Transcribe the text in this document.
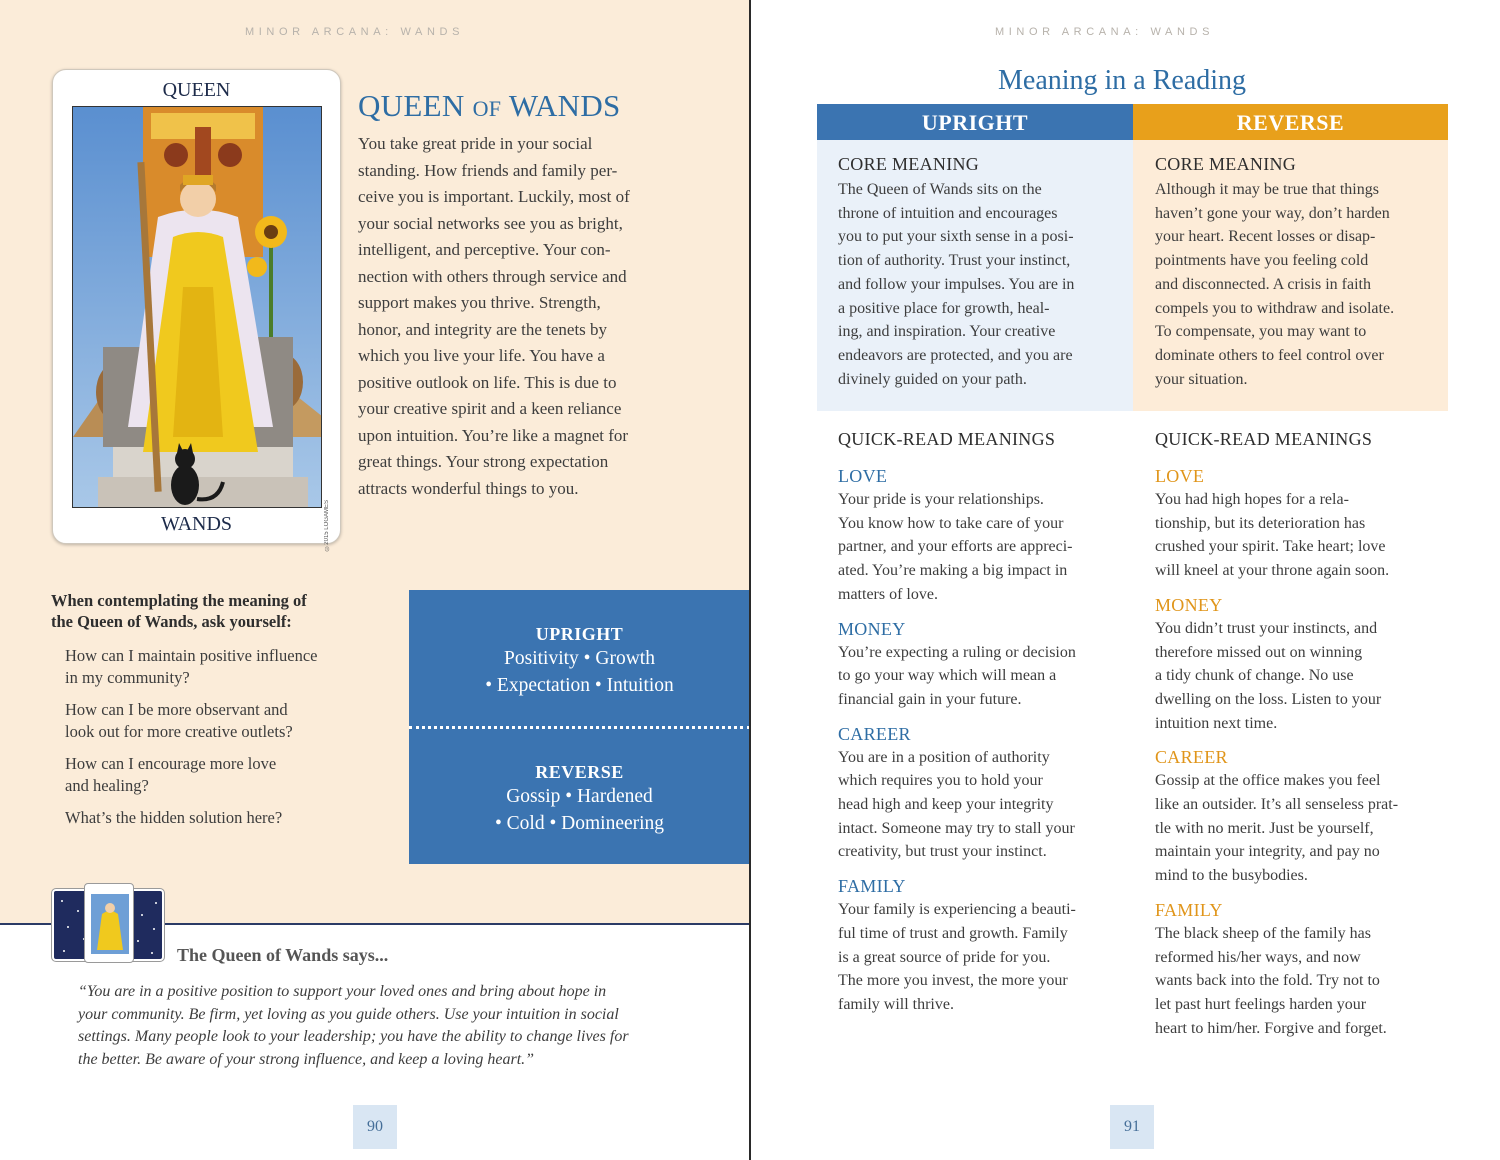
MINOR ARCANA: WANDS
QUEEN
©2015 LOGAMES
WANDS
QUEEN OF WANDS
You take great pride in your social
standing. How friends and family per-
ceive you is important. Luckily, most of
your social networks see you as bright,
intelligent, and perceptive. Your con-
nection with others through service and
support makes you thrive. Strength,
honor, and integrity are the tenets by
which you live your life. You have a
positive outlook on life. This is due to
your creative spirit and a keen reliance
upon intuition. You’re like a magnet for
great things. Your strong expectation
attracts wonderful things to you.
When contemplating the meaning of
the Queen of Wands, ask yourself:
How can I maintain positive influence
in my community?
How can I be more observant and
look out for more creative outlets?
How can I encourage more love
and healing?
What’s the hidden solution here?
UPRIGHT
Positivity • Growth
• Expectation • Intuition
REVERSE
Gossip • Hardened
• Cold • Domineering
The Queen of Wands says...
“You are in a positive position to support your loved ones and bring about hope in
your community. Be firm, yet loving as you guide others. Use your intuition in social
settings. Many people look to your leadership; you have the ability to change lives for
the better. Be aware of your strong influence, and keep a loving heart.”
90
MINOR ARCANA: WANDS
Meaning in a Reading
UPRIGHT	REVERSE
CORE MEANING
The Queen of Wands sits on the
throne of intuition and encourages
you to put your sixth sense in a posi-
tion of authority. Trust your instinct,
and follow your impulses. You are in
a positive place for growth, heal-
ing, and inspiration. Your creative
endeavors are protected, and you are
divinely guided on your path.
QUICK-READ MEANINGS
LOVE
Your pride is your relationships.
You know how to take care of your
partner, and your efforts are appreci-
ated. You’re making a big impact in
matters of love.
MONEY
You’re expecting a ruling or decision
to go your way which will mean a
financial gain in your future.
CAREER
You are in a position of authority
which requires you to hold your
head high and keep your integrity
intact. Someone may try to stall your
creativity, but trust your instinct.
FAMILY
Your family is experiencing a beauti-
ful time of trust and growth. Family
is a great source of pride for you.
The more you invest, the more your
family will thrive.
CORE MEANING
Although it may be true that things
haven’t gone your way, don’t harden
your heart. Recent losses or disap-
pointments have you feeling cold
and disconnected. A crisis in faith
compels you to withdraw and isolate.
To compensate, you may want to
dominate others to feel control over
your situation.
QUICK-READ MEANINGS
LOVE
You had high hopes for a rela-
tionship, but its deterioration has
crushed your spirit. Take heart; love
will kneel at your throne again soon.
MONEY
You didn’t trust your instincts, and
therefore missed out on winning
a tidy chunk of change. No use
dwelling on the loss. Listen to your
intuition next time.
CAREER
Gossip at the office makes you feel
like an outsider. It’s all senseless prat-
tle with no merit. Just be yourself,
maintain your integrity, and pay no
mind to the busybodies.
FAMILY
The black sheep of the family has
reformed his/her ways, and now
wants back into the fold. Try not to
let past hurt feelings harden your
heart to him/her. Forgive and forget.
91
